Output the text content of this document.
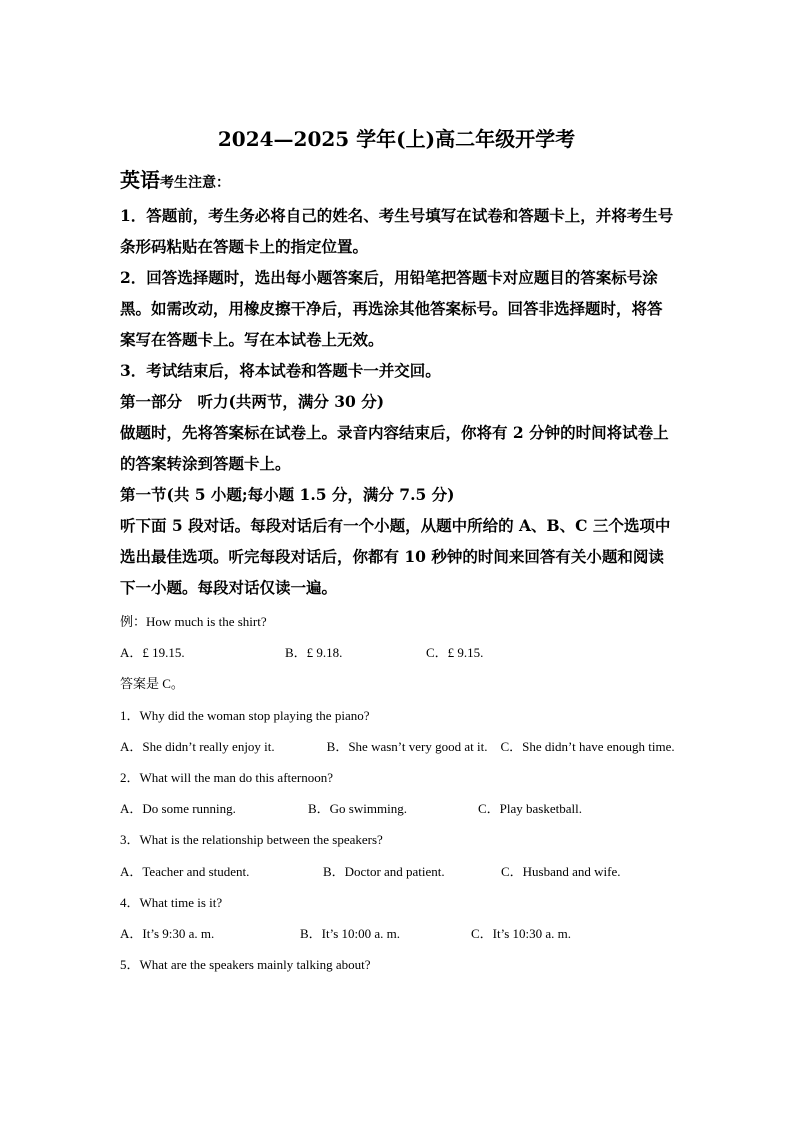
2024—2025 学年(上)高二年级开学考
英语考生注意：

1．答题前，考生务必将自己的姓名、考生号填写在试卷和答题卡上，并将考生号条形码粘贴在答题卡上的指定位置。

2．回答选择题时，选出每小题答案后，用铅笔把答题卡对应题目的答案标号涂黑。如需改动，用橡皮擦干净后，再选涂其他答案标号。回答非选择题时，将答案写在答题卡上。写在本试卷上无效。

3．考试结束后，将本试卷和答题卡一并交回。

第一部分　听力(共两节，满分 30 分)

做题时，先将答案标在试卷上。录音内容结束后，你将有 2 分钟的时间将试卷上的答案转涂到答题卡上。

第一节(共 5 小题;每小题 1.5 分，满分 7.5 分)

听下面 5 段对话。每段对话后有一个小题，从题中所给的 A、B、C 三个选项中选出最佳选项。听完每段对话后，你都有 10 秒钟的时间来回答有关小题和阅读下一小题。每段对话仅读一遍。

例：How much is the shirt?
A．£ 19.15.	B．£ 9.18.	C．£ 9.15.
答案是 C。
1．Why did the woman stop playing the piano?
A．She didn’t really enjoy it.　　　　B．She wasn’t very good at it.　C．She didn’t have enough time.
2．What will the man do this afternoon?
A．Do some running.	B．Go swimming.	C．Play basketball.
3．What is the relationship between the speakers?
A．Teacher and student.	B．Doctor and patient.	C．Husband and wife.
4．What time is it?
A．It’s 9:30 a. m.	B．It’s 10:00 a. m.	C．It’s 10:30 a. m.
5．What are the speakers mainly talking about?
